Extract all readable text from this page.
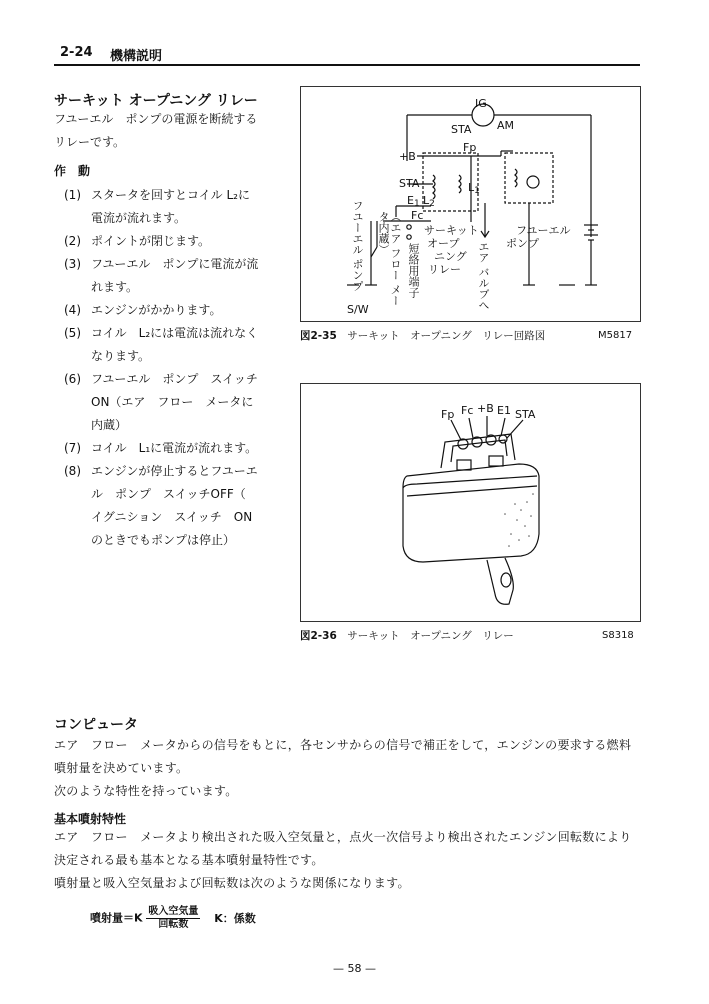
2-24 機構説明
サーキット オープニング リレー
フユーエル　ポンプの電源を断続する
リレーです。
作　動
(1) スタータを回すとコイル L₂に
電流が流れます。
(2) ポイントが閉じます。
(3) フユーエル　ポンプに電流が流
れます。
(4) エンジンがかかります。
(5) コイル　L₂には電流は流れなく
なります。
(6) フユーエル　ポンプ　スイッチ
ON（エア　フロー　メータに
内蔵）
(7) コイル　L₁に電流が流れます。
(8) エンジンが停止するとフユーエ
ル　ポンプ　スイッチOFF（
イグニション　スイッチ　ON
のときでもポンプは停止）
IG
STA AM
Fp
+B
STA
E1 L2
L1
Fc
S/W
サーキット
オープ
ニング
リレー
フユーエル
ポンプ
フユーエル ポンプ	（エア フロー メータ内蔵）
短絡用端子	エア バルブへ
図2-35　 サーキット　オープニング　リレー回路図	M5817
Fp Fc +B E1 STA
図2-36　 サーキット　オープニング　リレー	S8318
コンピュータ
エア　フロー　メータからの信号をもとに，各センサからの信号で補正をして，エンジンの要求する燃料
噴射量を決めています。
次のような特性を持っています。
基本噴射特性
エア　フロー　メータより検出された吸入空気量と，点火一次信号より検出されたエンジン回転数により
決定される最も基本となる基本噴射量特性です。
噴射量と吸入空気量および回転数は次のような関係になります。
噴射量$=K \frac{\text{吸入空気量}}{\text{回転数}}$ K：係数
— 58 —
